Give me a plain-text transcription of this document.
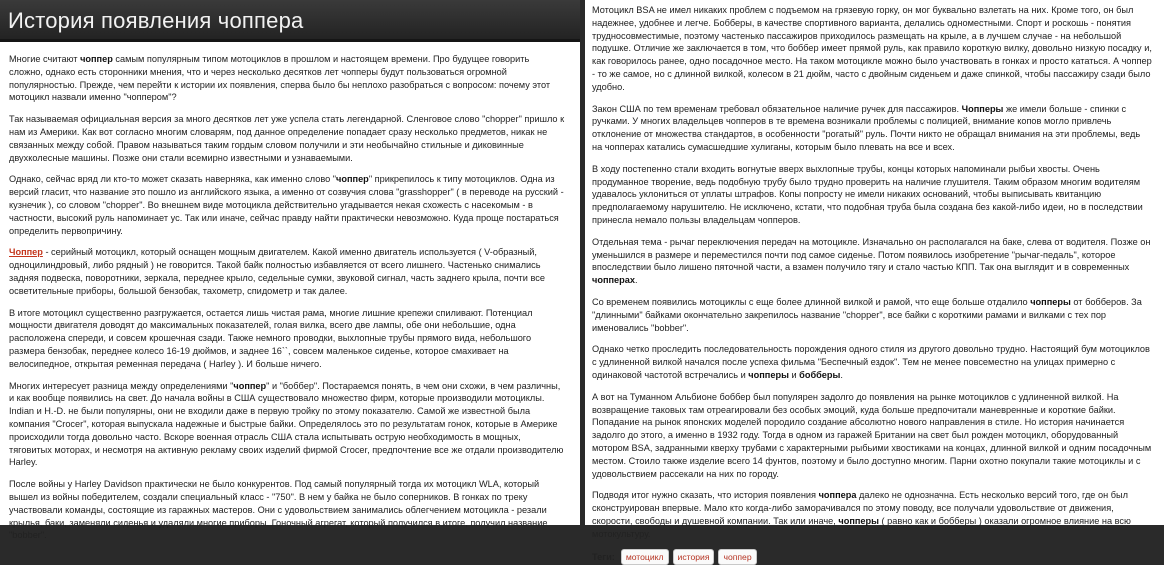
История появления чоппера

Многие считают чоппер самым популярным типом мотоциклов в прошлом и настоящем времени. Про будущее говорить сложно, однако есть сторонники мнения, что и через несколько десятков лет чопперы будут пользоваться огромной популярностью. Прежде, чем перейти к истории их появления, сперва было бы неплохо разобраться с вопросом: почему этот мотоцикл назвали именно "чоппером"?

Так называемая официальная версия за много десятков лет уже успела стать легендарной. Сленговое слово "chopper" пришло к нам из Америки. Как вот согласно многим словарям, под данное определение попадает сразу несколько предметов, никак не связанных между собой. Правом называться таким гордым словом получили и эти необычайно стильные и диковинные двухколесные машины. Позже они стали всемирно известными и узнаваемыми.

Однако, сейчас вряд ли кто-то может сказать наверняка, как именно слово "чоппер" прикрепилось к типу мотоциклов. Одна из версий гласит, что название это пошло из английского языка, а именно от созвучия слова "grasshopper" ( в переводе на русский - кузнечик ), со словом "chopper". Во внешнем виде мотоцикла действительно угадывается некая схожесть с насекомым - в частности, высокий руль напоминает ус. Так или иначе, сейчас правду найти практически невозможно. Куда проще постараться определить первопричину.

Чоппер - серийный мотоцикл, который оснащен мощным двигателем. Какой именно двигатель используется ( V-образный, одноцилиндровый, либо рядный ) не говорится. Такой байк полностью избавляется от всего лишнего. Частенько снимались задняя подвеска, поворотники, зеркала, переднее крыло, седельные сумки, звуковой сигнал, часть заднего крыла, почти все осветительные приборы, большой бензобак, тахометр, спидометр и так далее.

В итоге мотоцикл существенно разгружается, остается лишь чистая рама, многие лишние крепежи спиливают. Потенциал мощности двигателя доводят до максимальных показателей, голая вилка, всего две лампы, обе они небольшие, одна расположена спереди, и совсем крошечная сзади. Также немного проводки, выхлопные трубы прямого вида, небольшого размера бензобак, переднее колесо 16-19 дюймов, и заднее 16``, совсем маленькое сиденье, которое смахивает на велосипедное, открытая ременная передача ( Harley ). И больше ничего.

Многих интересует разница между определениями "чоппер" и "боббер". Постараемся понять, в чем они схожи, в чем различны, и как вообще появились на свет. До начала войны в США существовало множество фирм, которые производили мотоциклы. Indian и H.-D. не были популярны, они не входили даже в первую тройку по этому показателю. Самой же известной была компания "Crocer", которая выпускала надежные и быстрые байки. Определялось это по результатам гонок, которые в Америке происходили тогда довольно часто. Вскоре военная отрасль США стала испытывать острую необходимость в мощных, тяговитых моторах, и несмотря на активную рекламу своих изделий фирмой Crocer, предпочтение все же отдали производителю Harley.

После войны у Harley Davidson практически не было конкурентов. Под самый популярный тогда их мотоцикл WLA, который вышел из войны победителем, создали специальный класс - "750". В нем у байка не было соперников. В гонках по треку участвовали команды, состоящие из гаражных мастеров. Они с удовольствием занимались облегчением мотоцикла - резали крылья, баки, заменяли сиденья и удаляли многие приборы. Гоночный агрегат, который получился в итоге, получил название "bobber".

Мотоцикл BSA не имел никаких проблем с подъемом на грязевую горку, он мог буквально взлетать на них. Кроме того, он был надежнее, удобнее и легче. Бобберы, в качестве спортивного варианта, делались одноместными. Спорт и роскошь - понятия трудносовместимые, поэтому частенько пассажиров приходилось размещать на крыле, а в лучшем случае - на небольшой подушке. Отличие же заключается в том, что боббер имеет прямой руль, как правило короткую вилку, довольно низкую посадку и, как говорилось ранее, одно посадочное место. На таком мотоцикле можно было участвовать в гонках и просто кататься. А чоппер - то же самое, но с длинной вилкой, колесом в 21 дюйм, часто с двойным сиденьем и даже спинкой, чтобы пассажиру сзади было удобно.

Закон США по тем временам требовал обязательное наличие ручек для пассажиров. Чопперы же имели больше - спинки с ручками. У многих владельцев чопперов в те времена возникали проблемы с полицией, внимание копов могло привлечь отклонение от множества стандартов, в особенности "рогатый" руль. Почти никто не обращал внимания на эти проблемы, ведь на чопперах катались сумасшедшие хулиганы, которым было плевать на все и всех.

В ходу постепенно стали входить вогнутые вверх выхлопные трубы, концы которых напоминали рыбьи хвосты. Очень продуманное творение, ведь подобную трубу было трудно проверить на наличие глушителя. Таким образом многим водителям удавалось уклониться от уплаты штрафов. Копы попросту не имели никаких оснований, чтобы выписывать квитанцию предполагаемому нарушителю. Не исключено, кстати, что подобная труба была создана без какой-либо идеи, но в последствии принесла немало пользы владельцам чопперов.

Отдельная тема - рычаг переключения передач на мотоцикле. Изначально он располагался на баке, слева от водителя. Позже он уменьшился в размере и переместился почти под самое сиденье. Потом появилось изобретение "рычаг-педаль", которое впоследствии было лишено пяточной части, а взамен получило тягу и стало частью КПП. Так она выглядит и в современных чопперах.

Со временем появились мотоциклы с еще более длинной вилкой и рамой, что еще больше отдалило чопперы от бобберов. За "длинными" байками окончательно закрепилось название "chopper", все байки с короткими рамами и вилками с тех пор именовались "bobber".

Однако четко проследить последовательность порождения одного стиля из другого довольно трудно. Настоящий бум мотоциклов с удлиненной вилкой начался после успеха фильма "Беспечный ездок". Тем не менее повсеместно на улицах примерно с одинаковой частотой встречались и чопперы и бобберы.

А вот на Туманном Альбионе боббер был популярен задолго до появления на рынке мотоциклов с удлиненной вилкой. На возвращение таковых там отреагировали без особых эмоций, куда больше предпочитали маневренные и короткие байки. Попадание на рынок японских моделей породило создание абсолютно нового направления в стиле. Но история начинается задолго до этого, а именно в 1932 году. Тогда в одном из гаражей Британии на свет был рожден мотоцикл, оборудованный мотором BSA, задранными кверху трубами с характерными рыбьими хвостиками на концах, длинной вилкой и одним посадочным местом. Стоило также изделие всего 14 фунтов, поэтому и было доступно многим. Парни охотно покупали такие мотоциклы и с удовольствием рассекали на них по городу.

Подводя итог нужно сказать, что история появления чоппера далеко не однозначна. Есть несколько версий того, где он был сконструирован впервые. Мало кто когда-либо заморачивался по этому поводу, все получали удовольствие от движения, скорости, свободы и душевной компании. Так или иначе, чопперы ( равно как и бобберы ) оказали огромное влияние на всю мотокультуру.

Теги:	мотоцикл	история	чоппер
